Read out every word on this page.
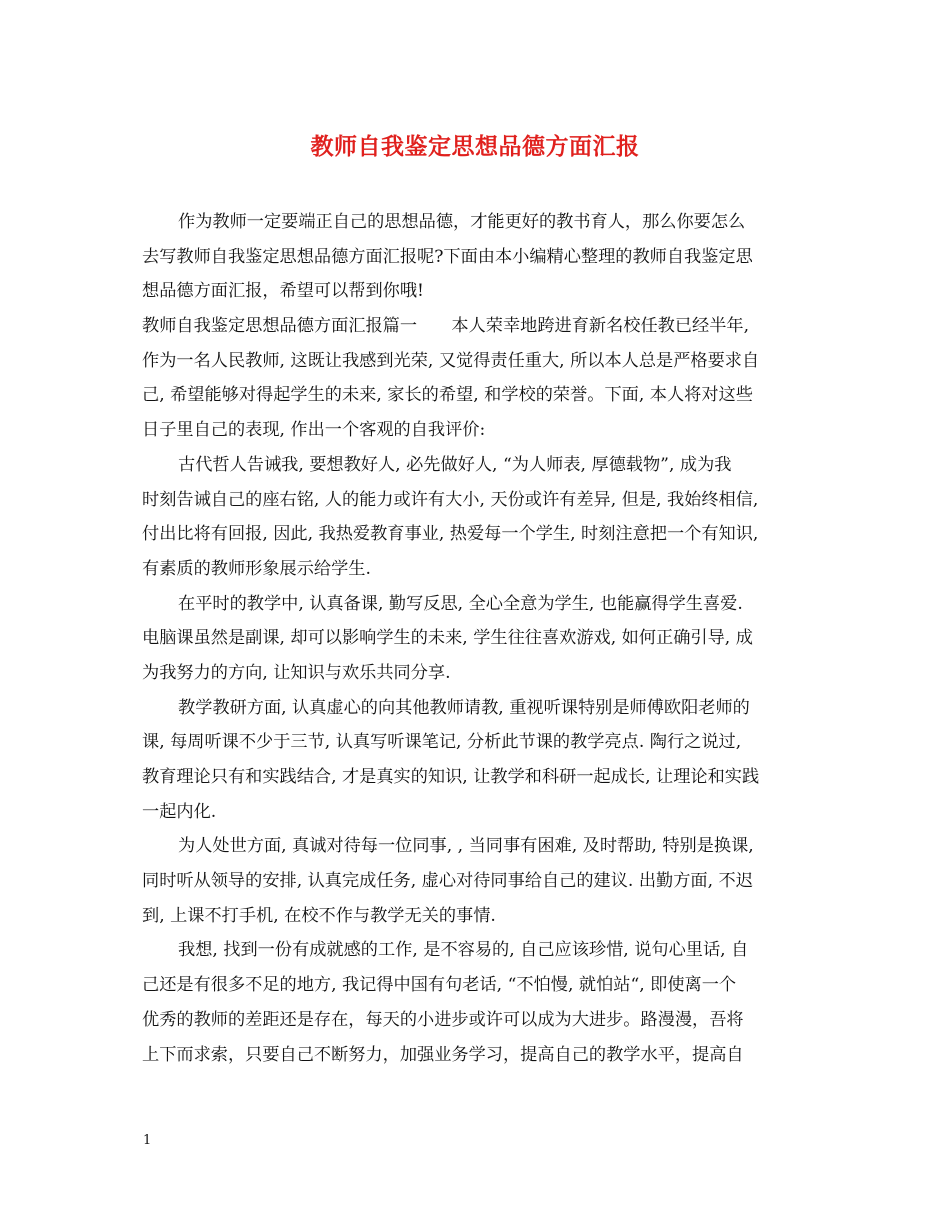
教师自我鉴定思想品德方面汇报
作为教师一定要端正自己的思想品德，才能更好的教书育人，那么你要怎么
去写教师自我鉴定思想品德方面汇报呢?下面由本小编精心整理的教师自我鉴定思
想品德方面汇报，希望可以帮到你哦!
教师自我鉴定思想品德方面汇报篇一　　本人荣幸地跨进育新名校任教已经半年,
作为一名人民教师, 这既让我感到光荣, 又觉得责任重大, 所以本人总是严格要求自
己, 希望能够对得起学生的未来, 家长的希望, 和学校的荣誉。下面, 本人将对这些
日子里自己的表现, 作出一个客观的自我评价:
古代哲人告诫我, 要想教好人, 必先做好人, “为人师表, 厚德载物”, 成为我
时刻告诫自己的座右铭, 人的能力或许有大小, 天份或许有差异, 但是, 我始终相信,
付出比将有回报, 因此, 我热爱教育事业, 热爱每一个学生, 时刻注意把一个有知识,
有素质的教师形象展示给学生.
在平时的教学中, 认真备课, 勤写反思, 全心全意为学生, 也能赢得学生喜爱.
电脑课虽然是副课, 却可以影响学生的未来, 学生往往喜欢游戏, 如何正确引导, 成
为我努力的方向, 让知识与欢乐共同分享.
教学教研方面, 认真虚心的向其他教师请教, 重视听课特别是师傅欧阳老师的
课, 每周听课不少于三节, 认真写听课笔记, 分析此节课的教学亮点. 陶行之说过,
教育理论只有和实践结合, 才是真实的知识, 让教学和科研一起成长, 让理论和实践
一起内化.
为人处世方面, 真诚对待每一位同事, , 当同事有困难, 及时帮助, 特别是换课,
同时听从领导的安排, 认真完成任务, 虚心对待同事给自己的建议. 出勤方面, 不迟
到, 上课不打手机, 在校不作与教学无关的事情.
我想, 找到一份有成就感的工作, 是不容易的, 自己应该珍惜, 说句心里话, 自
己还是有很多不足的地方, 我记得中国有句老话, “不怕慢, 就怕站“, 即使离一个
优秀的教师的差距还是存在，每天的小进步或许可以成为大进步。路漫漫，吾将
上下而求索，只要自己不断努力，加强业务学习，提高自己的教学水平，提高自
1
